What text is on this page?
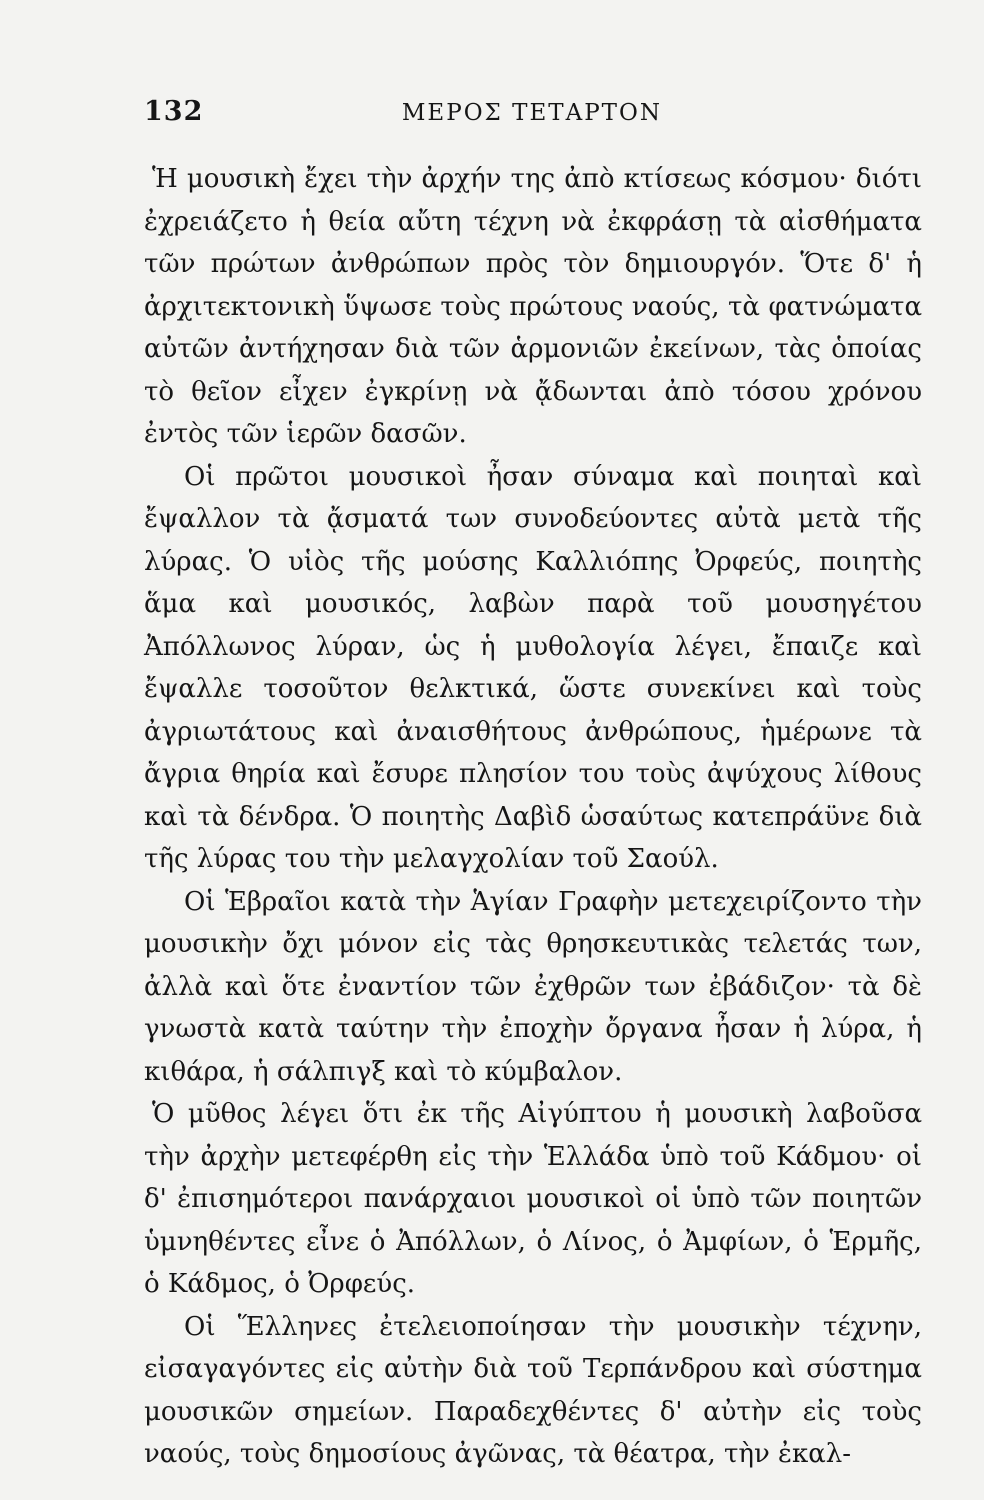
132	ΜΕΡΟΣ ΤΕΤΑΡΤΟΝ

Ἡ μουσικὴ ἔχει τὴν ἀρχήν της ἀπὸ κτίσεως κόσμου· διότι ἐχρειάζετο ἡ θεία αὔτη τέχνη νὰ ἐκφράσῃ τὰ αἰσθήματα τῶν πρώτων ἀνθρώπων πρὸς τὸν δημιουργόν. Ὅτε δ' ἡ ἀρχιτεκτονικὴ ὕψωσε τοὺς πρώτους ναούς, τὰ φατνώματα αὐτῶν ἀντήχησαν διὰ τῶν ἁρμονιῶν ἐκείνων, τὰς ὁποίας τὸ θεῖον εἶχεν ἐγκρίνῃ νὰ ᾄδωνται ἀπὸ τόσου χρόνου ἐντὸς τῶν ἱερῶν δασῶν.

Οἱ πρῶτοι μουσικοὶ ἦσαν σύναμα καὶ ποιηταὶ καὶ ἔψαλλον τὰ ᾄσματά των συνοδεύοντες αὐτὰ μετὰ τῆς λύρας. Ὁ υἱὸς τῆς μούσης Καλλιόπης Ὀρφεύς, ποιητὴς ἅμα καὶ μουσικός, λαβὼν παρὰ τοῦ μουσηγέτου Ἀπόλλωνος λύραν, ὡς ἡ μυθολογία λέγει, ἔπαιζε καὶ ἔψαλλε τοσοῦτον θελκτικά, ὥστε συνεκίνει καὶ τοὺς ἀγριωτάτους καὶ ἀναισθήτους ἀνθρώπους, ἡμέρωνε τὰ ἄγρια θηρία καὶ ἔσυρε πλησίον του τοὺς ἀψύχους λίθους καὶ τὰ δένδρα. Ὁ ποιητὴς Δαβὶδ ὡσαύτως κατεπράϋνε διὰ τῆς λύρας του τὴν μελαγχολίαν τοῦ Σαούλ.

Οἱ Ἑβραῖοι κατὰ τὴν Ἁγίαν Γραφὴν μετεχειρίζοντο τὴν μουσικὴν ὄχι μόνον εἰς τὰς θρησκευτικὰς τελετάς των, ἀλλὰ καὶ ὅτε ἐναντίον τῶν ἐχθρῶν των ἐβάδιζον· τὰ δὲ γνωστὰ κατὰ ταύτην τὴν ἐποχὴν ὄργανα ἦσαν ἡ λύρα, ἡ κιθάρα, ἡ σάλπιγξ καὶ τὸ κύμβαλον.

Ὁ μῦθος λέγει ὅτι ἐκ τῆς Αἰγύπτου ἡ μουσικὴ λαβοῦσα τὴν ἀρχὴν μετεφέρθη εἰς τὴν Ἑλλάδα ὑπὸ τοῦ Κάδμου· οἱ δ' ἐπισημότεροι πανάρχαιοι μουσικοὶ οἱ ὑπὸ τῶν ποιητῶν ὑμνηθέντες εἶνε ὁ Ἀπόλλων, ὁ Λίνος, ὁ Ἀμφίων, ὁ Ἑρμῆς, ὁ Κάδμος, ὁ Ὀρφεύς.

Οἱ Ἕλληνες ἐτελειοποίησαν τὴν μουσικὴν τέχνην, εἰσαγαγόντες εἰς αὐτὴν διὰ τοῦ Τερπάνδρου καὶ σύστημα μουσικῶν σημείων. Παραδεχθέντες δ' αὐτὴν εἰς τοὺς ναούς, τοὺς δημοσίους ἀγῶνας, τὰ θέατρα, τὴν ἐκαλ-
